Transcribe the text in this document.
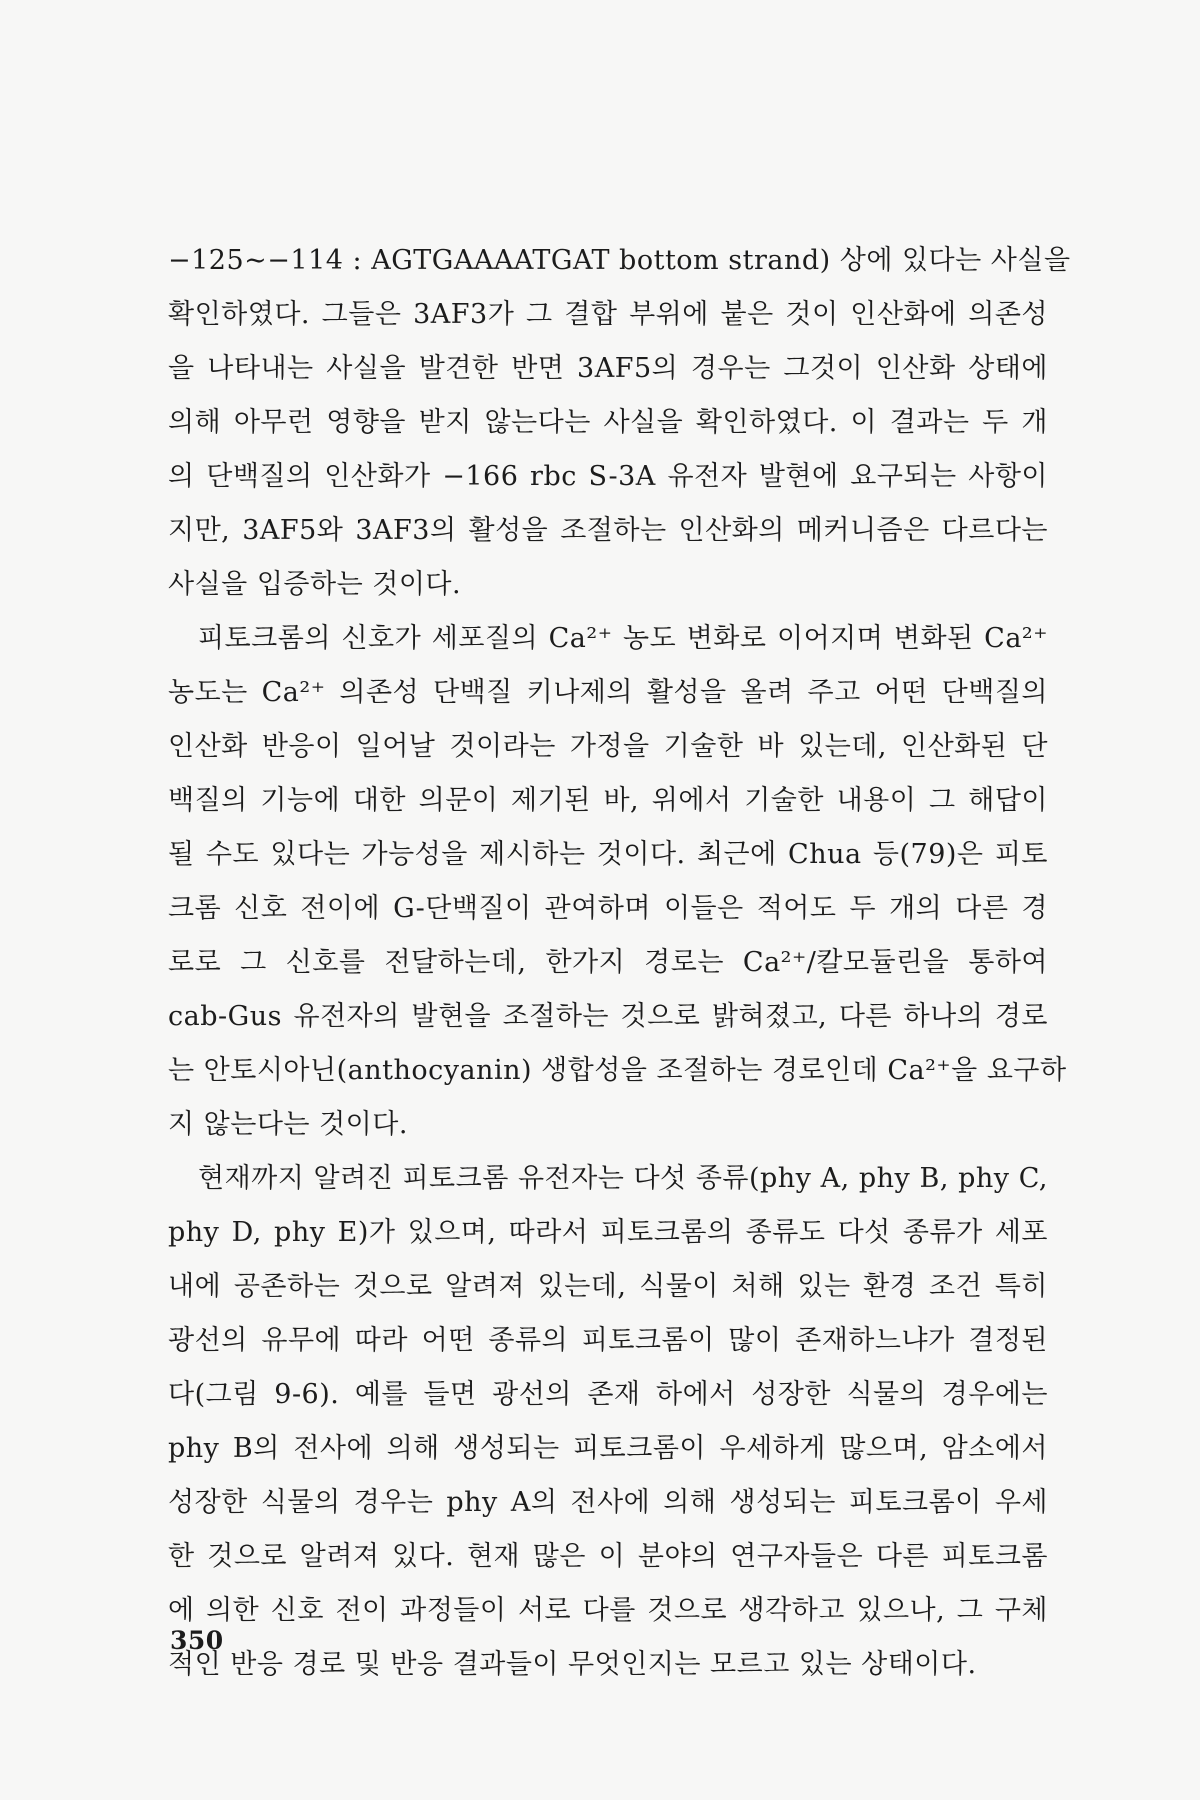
−125∼−114 : AGTGAAAATGAT bottom strand) 상에 있다는 사실을
확인하였다. 그들은 3AF3가 그 결합 부위에 붙은 것이 인산화에 의존성
을 나타내는 사실을 발견한 반면 3AF5의 경우는 그것이 인산화 상태에
의해 아무런 영향을 받지 않는다는 사실을 확인하였다. 이 결과는 두 개
의 단백질의 인산화가 −166 rbc S-3A 유전자 발현에 요구되는 사항이
지만, 3AF5와 3AF3의 활성을 조절하는 인산화의 메커니즘은 다르다는
사실을 입증하는 것이다.
피토크롬의 신호가 세포질의 Ca²⁺ 농도 변화로 이어지며 변화된 Ca²⁺
농도는 Ca²⁺ 의존성 단백질 키나제의 활성을 올려 주고 어떤 단백질의
인산화 반응이 일어날 것이라는 가정을 기술한 바 있는데, 인산화된 단
백질의 기능에 대한 의문이 제기된 바, 위에서 기술한 내용이 그 해답이
될 수도 있다는 가능성을 제시하는 것이다. 최근에 Chua 등(79)은 피토
크롬 신호 전이에 G-단백질이 관여하며 이들은 적어도 두 개의 다른 경
로로 그 신호를 전달하는데, 한가지 경로는 Ca²⁺/칼모듈린을 통하여
cab-Gus 유전자의 발현을 조절하는 것으로 밝혀졌고, 다른 하나의 경로
는 안토시아닌(anthocyanin) 생합성을 조절하는 경로인데 Ca²⁺을 요구하
지 않는다는 것이다.
현재까지 알려진 피토크롬 유전자는 다섯 종류(phy A, phy B, phy C,
phy D, phy E)가 있으며, 따라서 피토크롬의 종류도 다섯 종류가 세포
내에 공존하는 것으로 알려져 있는데, 식물이 처해 있는 환경 조건 특히
광선의 유무에 따라 어떤 종류의 피토크롬이 많이 존재하느냐가 결정된
다(그림 9-6). 예를 들면 광선의 존재 하에서 성장한 식물의 경우에는
phy B의 전사에 의해 생성되는 피토크롬이 우세하게 많으며, 암소에서
성장한 식물의 경우는 phy A의 전사에 의해 생성되는 피토크롬이 우세
한 것으로 알려져 있다. 현재 많은 이 분야의 연구자들은 다른 피토크롬
에 의한 신호 전이 과정들이 서로 다를 것으로 생각하고 있으나, 그 구체
적인 반응 경로 및 반응 결과들이 무엇인지는 모르고 있는 상태이다.
350
